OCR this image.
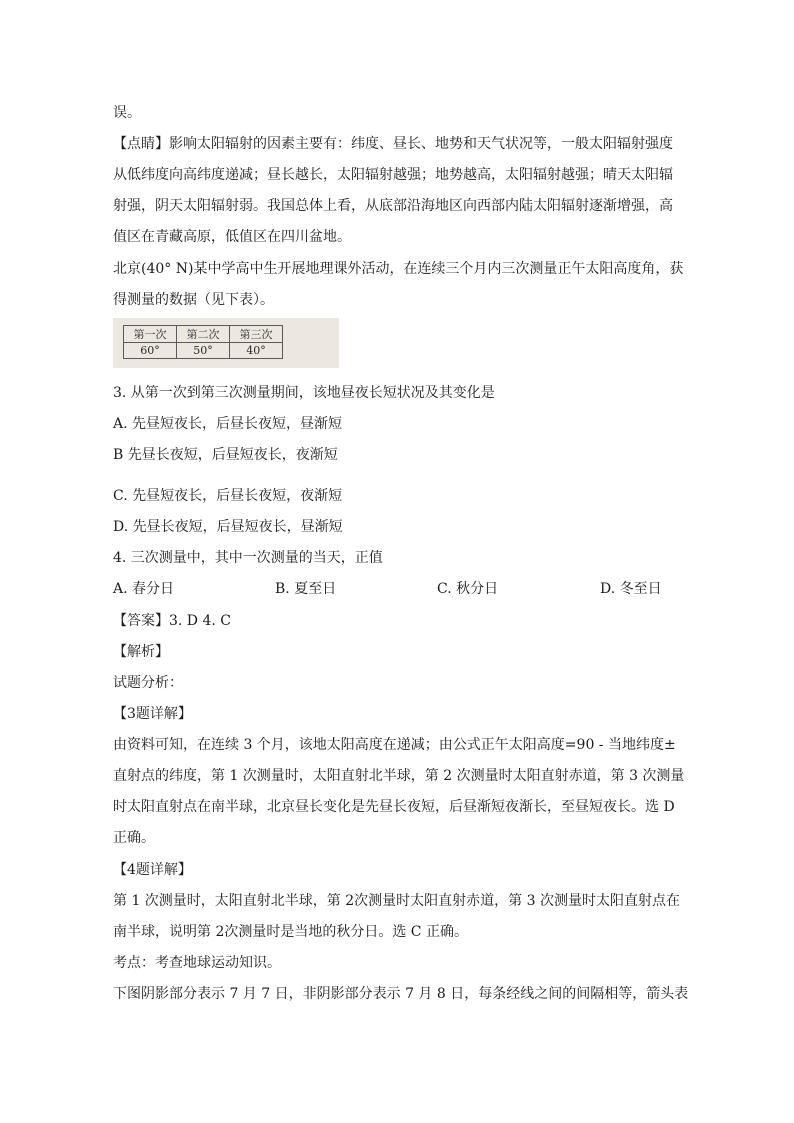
误。
【点睛】影响太阳辐射的因素主要有：纬度、昼长、地势和天气状况等，一般太阳辐射强度
从低纬度向高纬度递减；昼长越长，太阳辐射越强；地势越高，太阳辐射越强；晴天太阳辐
射强，阴天太阳辐射弱。我国总体上看，从底部沿海地区向西部内陆太阳辐射逐渐增强，高
值区在青藏高原，低值区在四川盆地。
北京(40° N)某中学高中生开展地理课外活动，在连续三个月内三次测量正午太阳高度角，获
得测量的数据（见下表）。
第一次	第二次	第三次
60°	50°	40°
3. 从第一次到第三次测量期间，该地昼夜长短状况及其变化是
A. 先昼短夜长，后昼长夜短，昼渐短
B 先昼长夜短，后昼短夜长，夜渐短
C. 先昼短夜长，后昼长夜短，夜渐短
D. 先昼长夜短，后昼短夜长，昼渐短
4. 三次测量中，其中一次测量的当天，正值
A. 春分日	B. 夏至日	C. 秋分日	D. 冬至日
【答案】3. D 4. C
【解析】
试题分析：
【3题详解】
由资料可知，在连续 3 个月，该地太阳高度在递减；由公式正午太阳高度=90 - 当地纬度±
直射点的纬度，第 1 次测量时，太阳直射北半球，第 2 次测量时太阳直射赤道，第 3 次测量
时太阳直射点在南半球，北京昼长变化是先昼长夜短，后昼渐短夜渐长，至昼短夜长。选 D
正确。
【4题详解】
第 1 次测量时，太阳直射北半球，第 2次测量时太阳直射赤道，第 3 次测量时太阳直射点在
南半球，说明第 2次测量时是当地的秋分日。选 C 正确。
考点：考查地球运动知识。
下图阴影部分表示 7 月 7 日，非阴影部分表示 7 月 8 日，每条经线之间的间隔相等，箭头表
